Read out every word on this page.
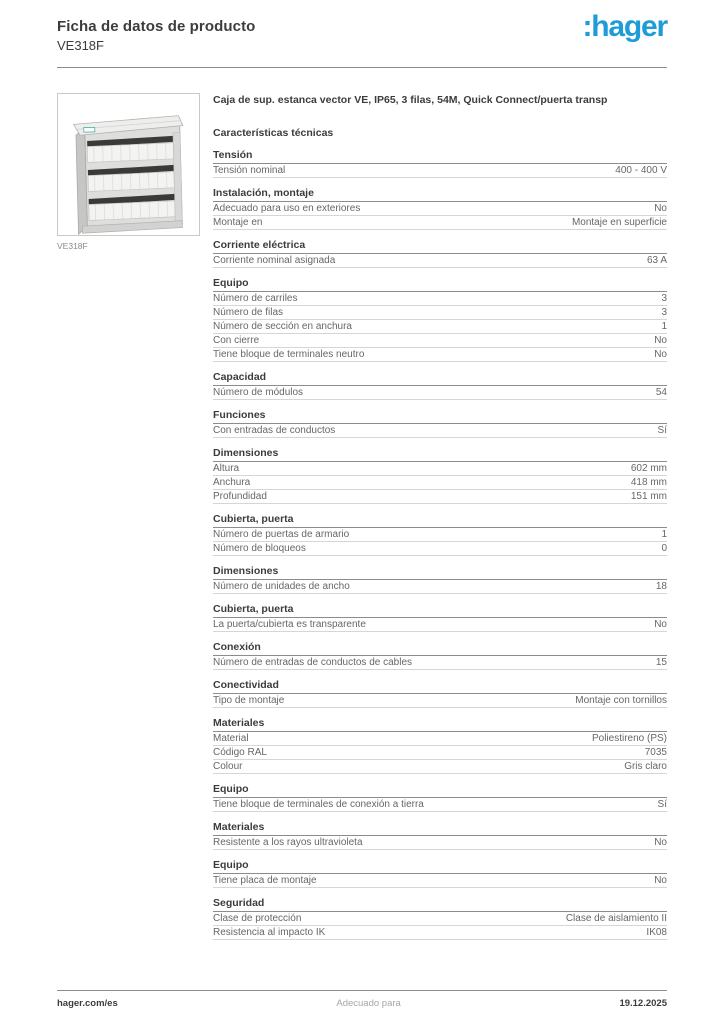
Ficha de datos de producto
VE318F
:hager
VE318F

Caja de sup. estanca vector VE, IP65, 3 filas, 54M, Quick Connect/puerta transp

Características técnicas
Tensión
Tensión nominal	400 - 400 V
Instalación, montaje
Adecuado para uso en exteriores	No
Montaje en	Montaje en superficie
Corriente eléctrica
Corriente nominal asignada	63 A
Equipo
Número de carriles	3
Número de filas	3
Número de sección en anchura	1
Con cierre	No
Tiene bloque de terminales neutro	No
Capacidad
Número de módulos	54
Funciones
Con entradas de conductos	Sí
Dimensiones
Altura	602 mm
Anchura	418 mm
Profundidad	151 mm
Cubierta, puerta
Número de puertas de armario	1
Número de bloqueos	0
Dimensiones
Número de unidades de ancho	18
Cubierta, puerta
La puerta/cubierta es transparente	No
Conexión
Número de entradas de conductos de cables	15
Conectividad
Tipo de montaje	Montaje con tornillos
Materiales
Material	Poliestireno (PS)
Código RAL	7035
Colour	Gris claro
Equipo
Tiene bloque de terminales de conexión a tierra	Sí
Materiales
Resistente a los rayos ultravioleta	No
Equipo
Tiene placa de montaje	No
Seguridad
Clase de protección	Clase de aislamiento II
Resistencia al impacto IK	IK08
hager.com/es	Adecuado para	19.12.2025
